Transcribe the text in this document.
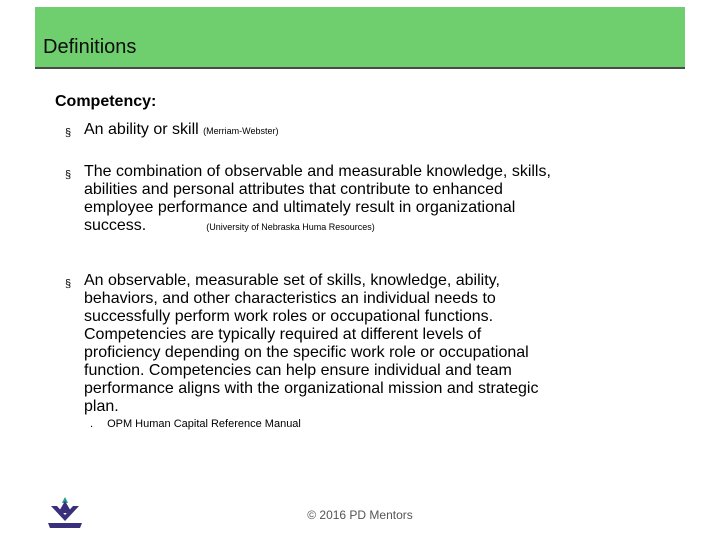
Definitions
Competency:
§ An ability or skill (Merriam-Webster)
§ The combination of observable and measurable knowledge, skills,
abilities and personal attributes that contribute to enhanced
employee performance and ultimately result in organizational
success.	(University of Nebraska Huma Resources)
§ An observable, measurable set of skills, knowledge, ability,
behaviors, and other characteristics an individual needs to
successfully perform work roles or occupational functions.
Competencies are typically required at different levels of
proficiency depending on the specific work role or occupational
function. Competencies can help ensure individual and team
performance aligns with the organizational mission and strategic
plan.
. OPM Human Capital Reference Manual
© 2016 PD Mentors
